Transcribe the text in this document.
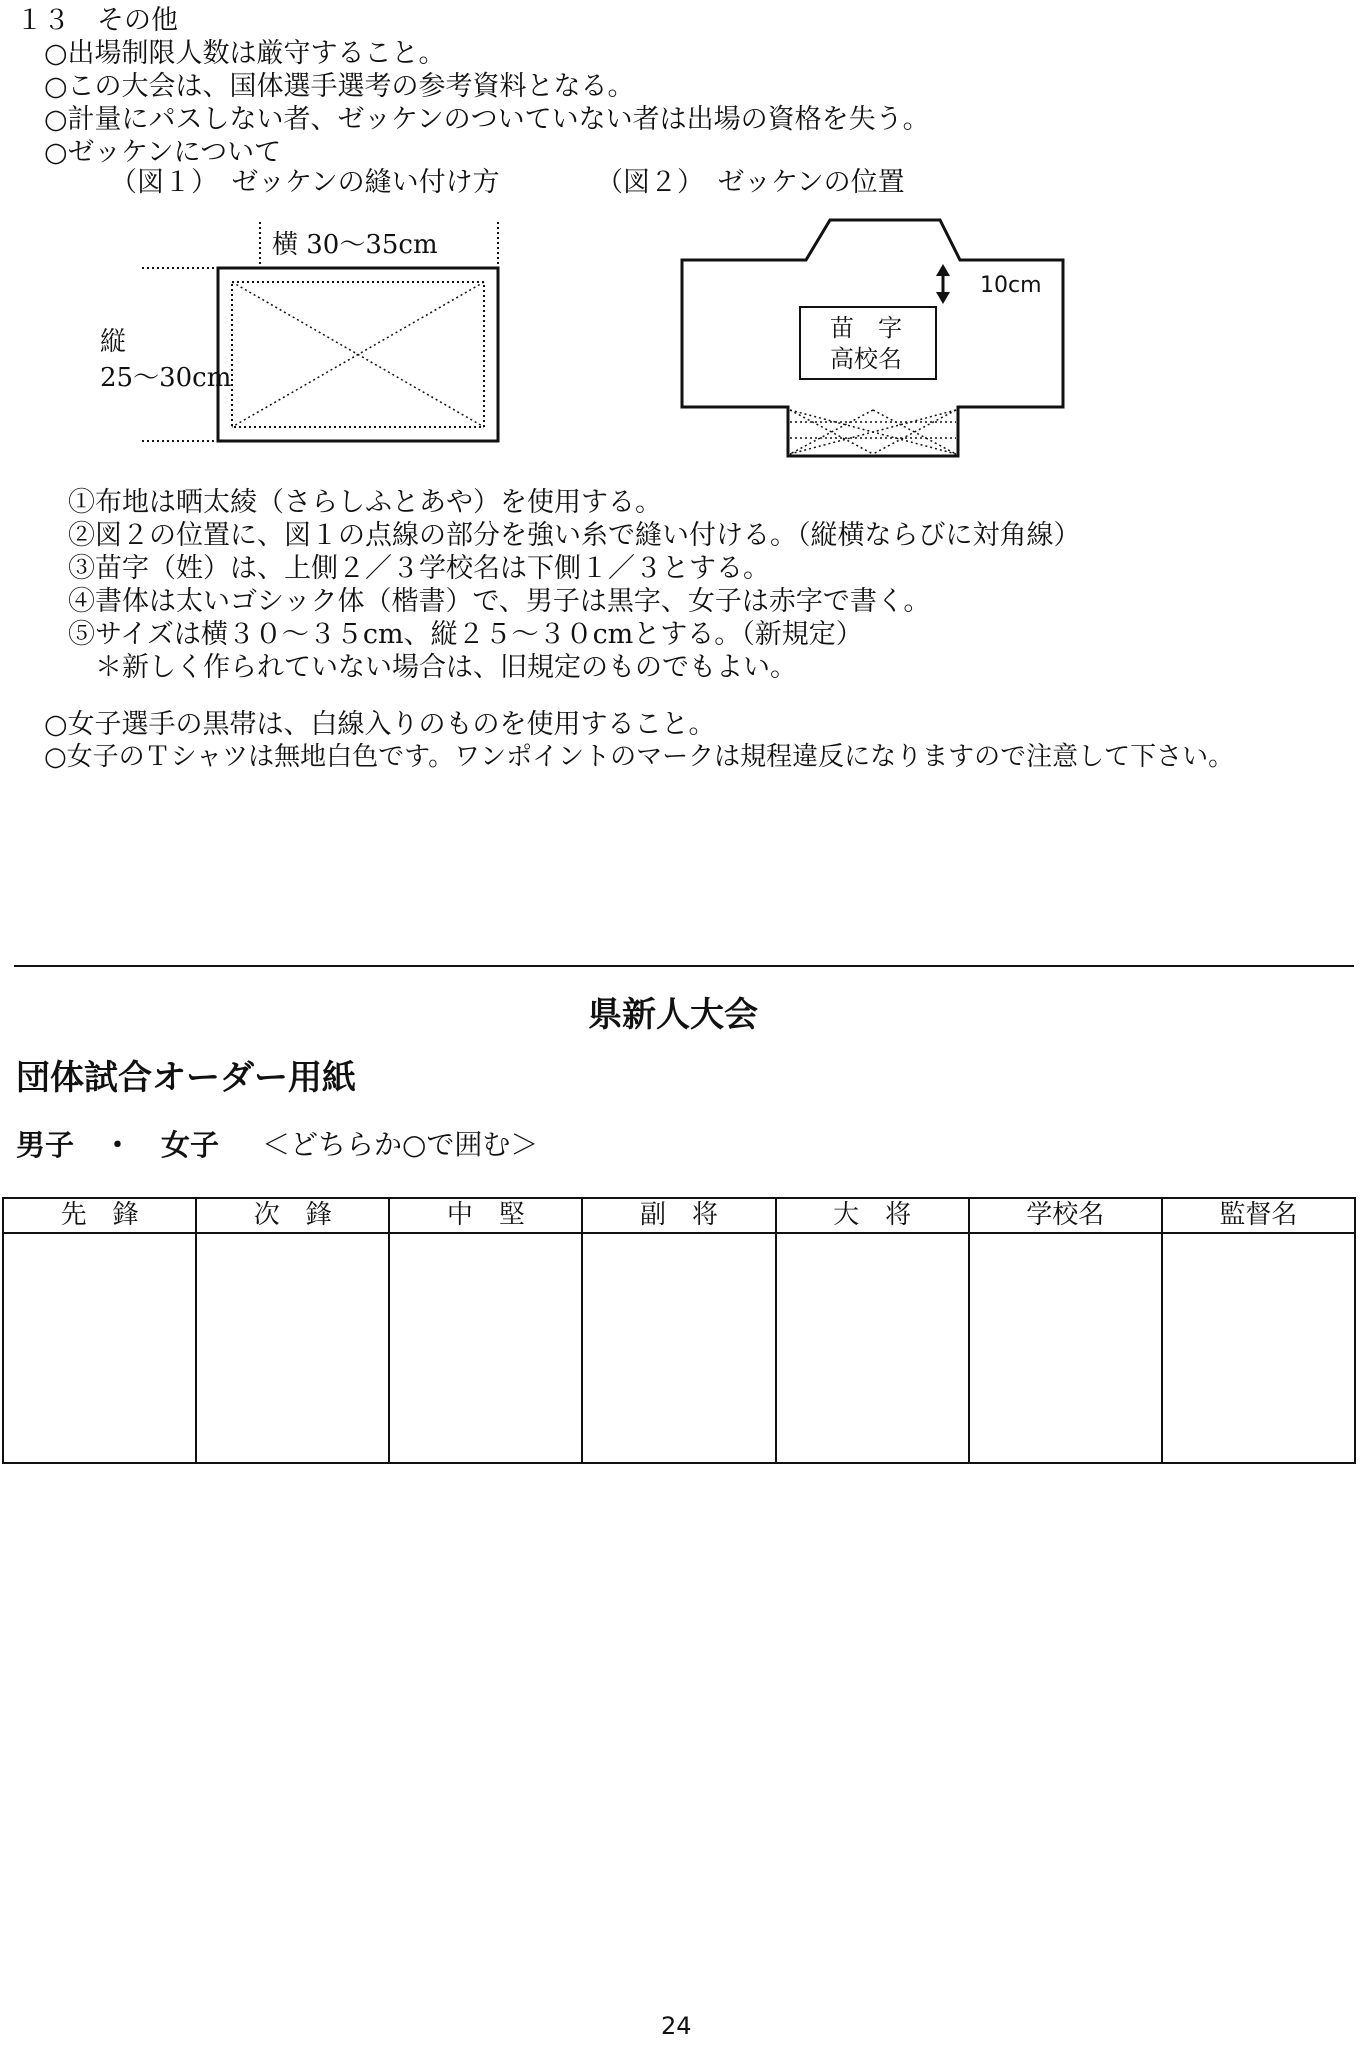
１３　その他
○出場制限人数は厳守すること。
○この大会は、国体選手選考の参考資料となる。
○計量にパスしない者、ゼッケンのついていない者は出場の資格を失う。
○ゼッケンについて
（図１）　ゼッケンの縫い付け方	（図２）　ゼッケンの位置
横 30〜35cm
縦
25〜30cm
10cm
苗　字
高校名
①布地は晒太綾（さらしふとあや）を使用する。
②図２の位置に、図１の点線の部分を強い糸で縫い付ける。（縦横ならびに対角線）
③苗字（姓）は、上側２／３学校名は下側１／３とする。
④書体は太いゴシック体（楷書）で、男子は黒字、女子は赤字で書く。
⑤サイズは横３０〜３５cm、縦２５〜３０cmとする。（新規定）
　＊新しく作られていない場合は、旧規定のものでもよい。
○女子選手の黒帯は、白線入りのものを使用すること。
○女子のＴシャツは無地白色です。ワンポイントのマークは規程違反になりますので注意して下さい。
県新人大会
団体試合オーダー用紙
男子　・　女子 ＜どちらか○で囲む＞
先　鋒	次　鋒	中　堅	副　将	大　将	学校名	監督名

24
